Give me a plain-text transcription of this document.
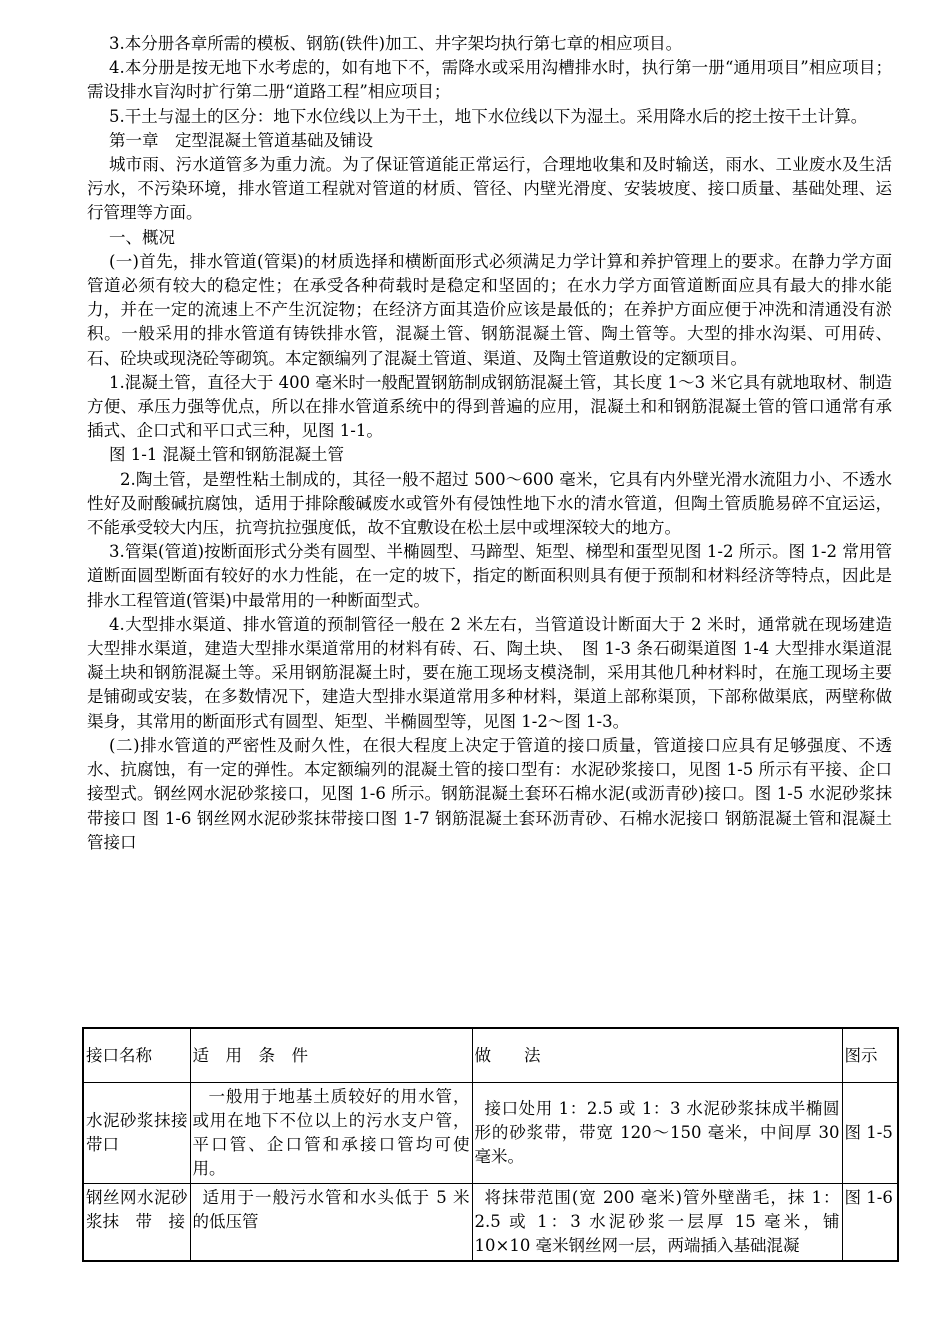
3.本分册各章所需的模板、钢筋(铁件)加工、井字架均执行第七章的相应项目。

4.本分册是按无地下水考虑的，如有地下不，需降水或采用沟槽排水时，执行第一册“通用项目”相应项目；需设排水盲沟时扩行第二册“道路工程”相应项目；

5.干土与湿土的区分：地下水位线以上为干土，地下水位线以下为湿土。采用降水后的挖土按干土计算。

第一章　定型混凝土管道基础及铺设

城市雨、污水道管多为重力流。为了保证管道能正常运行，合理地收集和及时输送，雨水、工业废水及生活污水，不污染环境，排水管道工程就对管道的材质、管径、内壁光滑度、安装坡度、接口质量、基础处理、运行管理等方面。

一、概况

(一)首先，排水管道(管渠)的材质选择和横断面形式必须满足力学计算和养护管理上的要求。在静力学方面管道必须有较大的稳定性；在承受各种荷载时是稳定和坚固的；在水力学方面管道断面应具有最大的排水能力，并在一定的流速上不产生沉淀物；在经济方面其造价应该是最低的；在养护方面应便于冲洗和清通没有淤积。一般采用的排水管道有铸铁排水管，混凝土管、钢筋混凝土管、陶土管等。大型的排水沟渠、可用砖、石、砼块或现浇砼等砌筑。本定额编列了混凝土管道、渠道、及陶土管道敷设的定额项目。

1.混凝土管，直径大于 400 毫米时一般配置钢筋制成钢筋混凝土管，其长度 1～3 米它具有就地取材、制造方便、承压力强等优点，所以在排水管道系统中的得到普遍的应用，混凝土和和钢筋混凝土管的管口通常有承插式、企口式和平口式三种，见图 1-1。

图 1-1 混凝土管和钢筋混凝土管

2.陶土管，是塑性粘土制成的，其径一般不超过 500～600 毫米，它具有内外壁光滑水流阻力小、不透水性好及耐酸碱抗腐蚀，适用于排除酸碱废水或管外有侵蚀性地下水的清水管道，但陶土管质脆易碎不宜运运，不能承受较大内压，抗弯抗拉强度低，故不宜敷设在松土层中或埋深较大的地方。

3.管渠(管道)按断面形式分类有圆型、半椭圆型、马蹄型、矩型、梯型和蛋型见图 1-2 所示。图 1-2 常用管道断面圆型断面有较好的水力性能，在一定的坡下，指定的断面积则具有便于预制和材料经济等特点，因此是排水工程管道(管渠)中最常用的一种断面型式。

4.大型排水渠道、排水管道的预制管径一般在 2 米左右，当管道设计断面大于 2 米时，通常就在现场建造大型排水渠道，建造大型排水渠道常用的材料有砖、石、陶土块、　图 1-3 条石砌渠道图 1-4 大型排水渠道混凝土块和钢筋混凝土等。采用钢筋混凝土时，要在施工现场支模浇制，采用其他几种材料时，在施工现场主要是铺砌或安装，在多数情况下，建造大型排水渠道常用多种材料，渠道上部称渠顶，下部称做渠底，两壁称做渠身，其常用的断面形式有圆型、矩型、半椭圆型等，见图 1-2～图 1-3。

(二)排水管道的严密性及耐久性，在很大程度上决定于管道的接口质量，管道接口应具有足够强度、不透水、抗腐蚀，有一定的弹性。本定额编列的混凝土管的接口型有：水泥砂浆接口，见图 1-5 所示有平接、企口接型式。钢丝网水泥砂浆接口，见图 1-6 所示。钢筋混凝土套环石棉水泥(或沥青砂)接口。图 1-5 水泥砂浆抹带接口 图 1-6 钢丝网水泥砂浆抹带接口图 1-7 钢筋混凝土套环沥青砂、石棉水泥接口 钢筋混凝土管和混凝土管接口

接口名称	适　用　条　件	做　　法	图示
水泥砂浆抹接带口	一般用于地基土质较好的用水管，或用在地下不位以上的污水支户管，平口管、企口管和承接口管均可使用。	接口处用 1：2.5 或 1：3 水泥砂浆抹成半椭圆形的砂浆带，带宽 120～150 毫米，中间厚 30 毫米。	图 1-5

钢丝网水泥砂浆抹　带　接	适用于一般污水管和水头低于 5 米的低压管	将抹带范围(宽 200 毫米)管外壁凿毛，抹 1：2.5 或 1：3 水泥砂浆一层厚 15 毫米，铺 10×10 毫米钢丝网一层，两端插入基础混凝	图 1-6
